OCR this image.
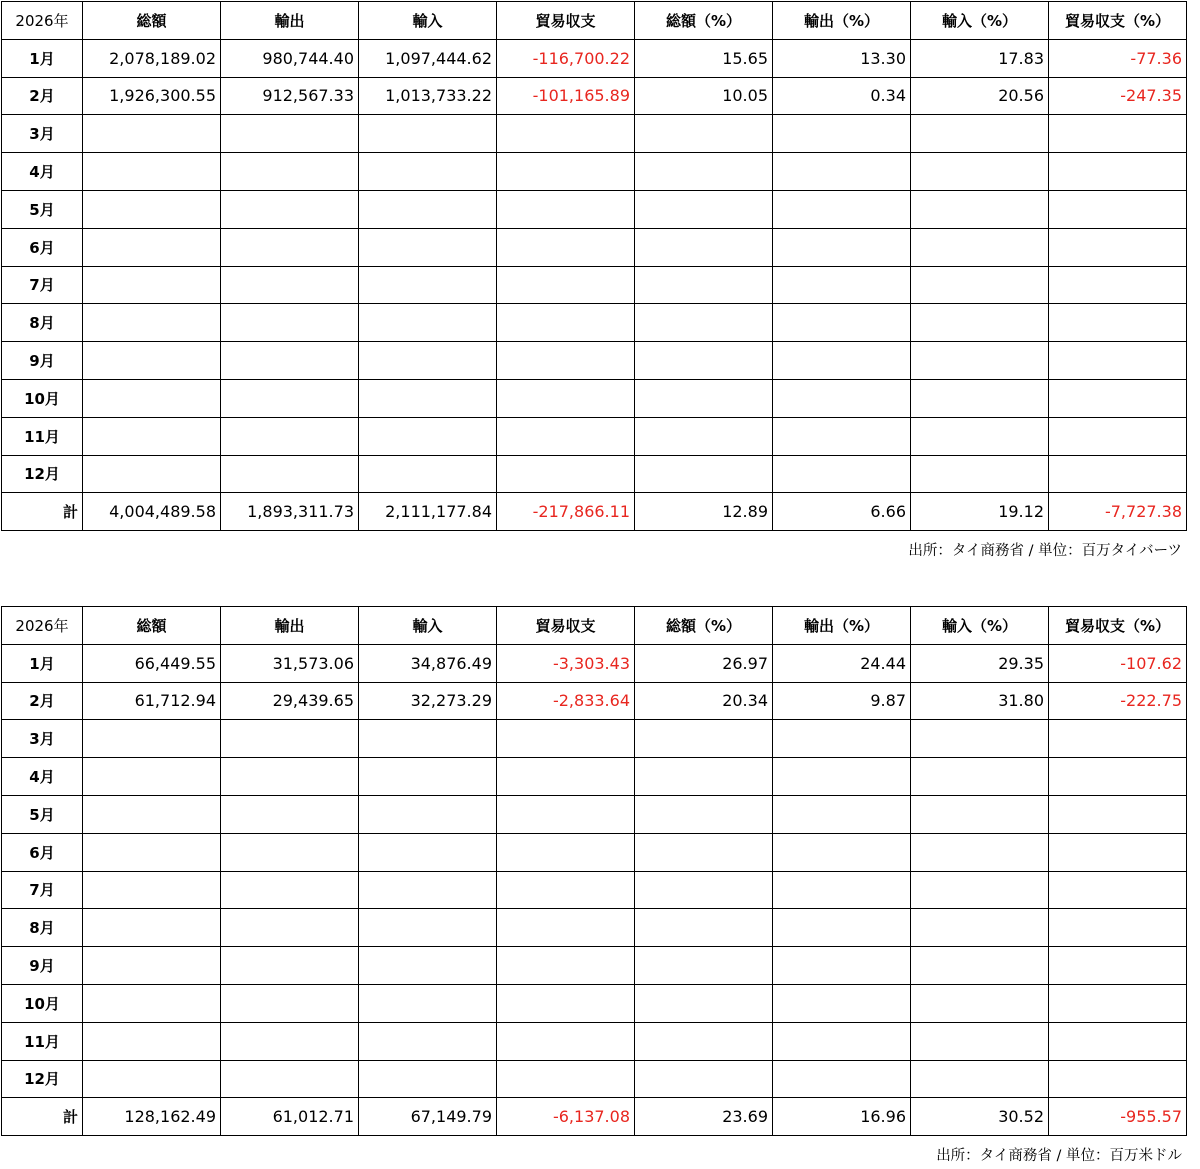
2026年	総額	輸出	輸入	貿易収支	総額（%）	輸出（%）	輸入（%）	貿易収支（%）
1月	2,078,189.02	980,744.40	1,097,444.62	-116,700.22	15.65	13.30	17.83	-77.36
2月	1,926,300.55	912,567.33	1,013,733.22	-101,165.89	10.05	0.34	20.56	-247.35
3月								
4月								
5月								
6月								
7月								
8月								
9月								
10月								
11月								
12月								
計	4,004,489.58	1,893,311.73	2,111,177.84	-217,866.11	12.89	6.66	19.12	-7,727.38
出所：タイ商務省 / 単位：百万タイバーツ
2026年	総額	輸出	輸入	貿易収支	総額（%）	輸出（%）	輸入（%）	貿易収支（%）
1月	66,449.55	31,573.06	34,876.49	-3,303.43	26.97	24.44	29.35	-107.62
2月	61,712.94	29,439.65	32,273.29	-2,833.64	20.34	9.87	31.80	-222.75
3月								
4月								
5月								
6月								
7月								
8月								
9月								
10月								
11月								
12月								
計	128,162.49	61,012.71	67,149.79	-6,137.08	23.69	16.96	30.52	-955.57
出所：タイ商務省 / 単位：百万米ドル
